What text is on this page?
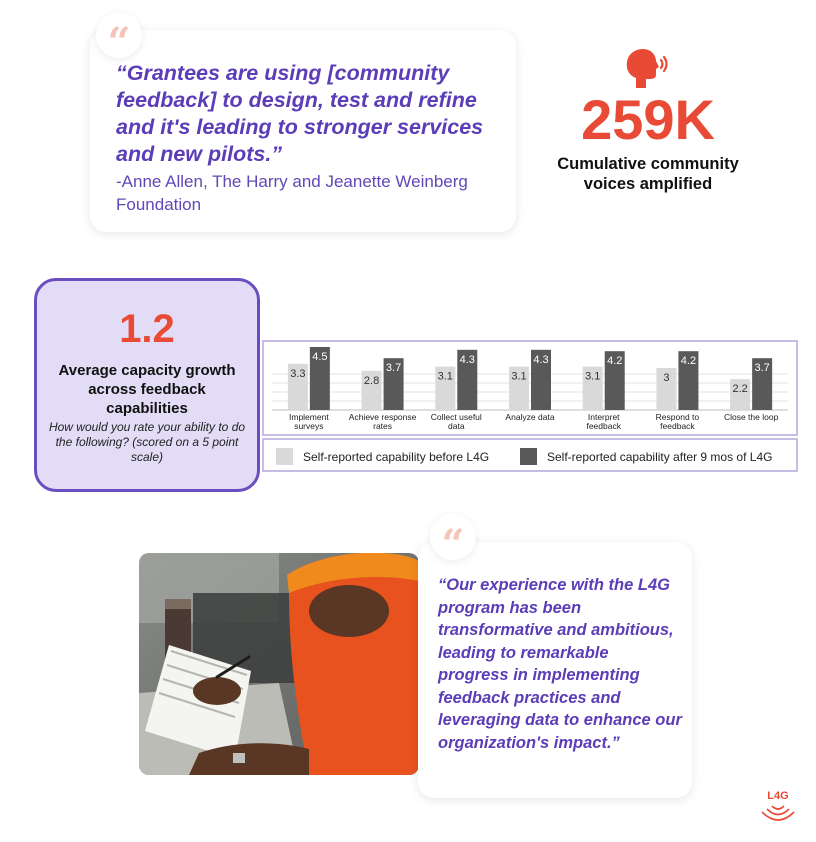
“Grantees are using [community feedback] to design, test and refine and it's leading to stronger services and new pilots.”
-Anne Allen, The Harry and Jeanette Weinberg Foundation
“
259K
Cumulative community voices amplified
1.2
Average capacity growth across feedback capabilities
How would you rate your ability to do the following? (scored on a 5 point scale)
3.3
4.5
Implement
surveys
2.8
3.7
Achieve response
rates
3.1
4.3
Collect useful
data
3.1
4.3
Analyze data
3.1
4.2
Interpret
feedback
3
4.2
Respond to
feedback
2.2
3.7
Close the loop
Self-reported capability before L4G	Self-reported capability after 9 mos of L4G
“Our experience with the L4G program has been transformative and ambitious, leading to remarkable progress in implementing feedback practices and leveraging data to enhance our organization's impact.”
“
L4G
